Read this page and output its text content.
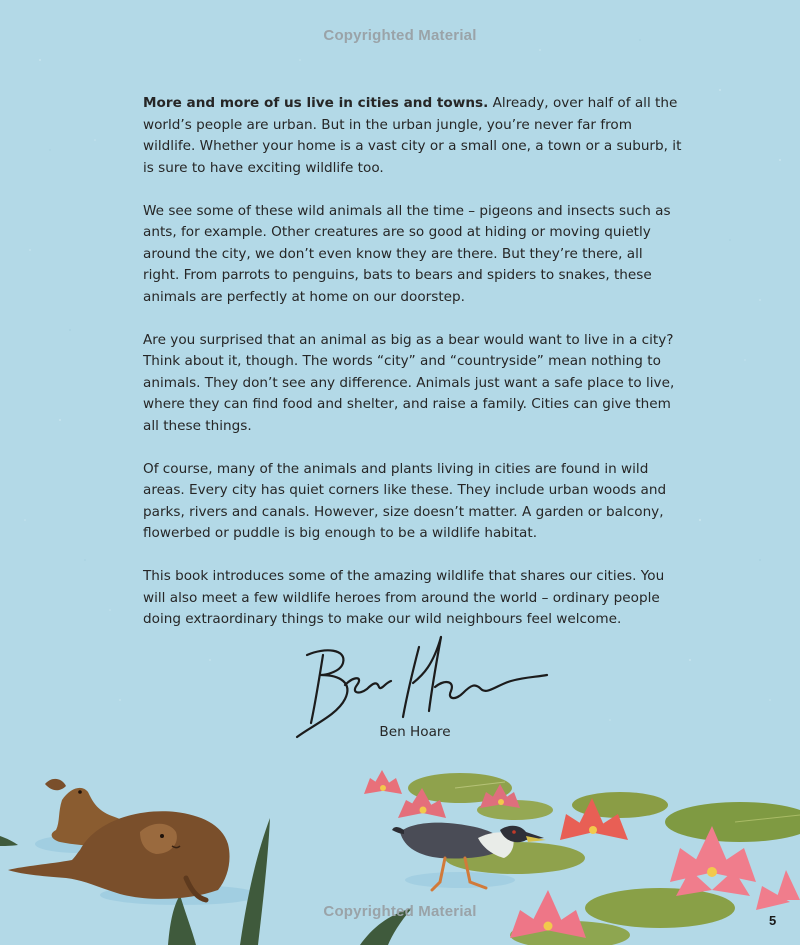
Copyrighted Material

More and more of us live in cities and towns. Already, over half of all the world’s people are urban. But in the urban jungle, you’re never far from wildlife. Whether your home is a vast city or a small one, a town or a suburb, it is sure to have exciting wildlife too.

We see some of these wild animals all the time – pigeons and insects such as ants, for example. Other creatures are so good at hiding or moving quietly around the city, we don’t even know they are there. But they’re there, all right. From parrots to penguins, bats to bears and spiders to snakes, these animals are perfectly at home on our doorstep.

Are you surprised that an animal as big as a bear would want to live in a city? Think about it, though. The words “city” and “countryside” mean nothing to animals. They don’t see any difference. Animals just want a safe place to live, where they can find food and shelter, and raise a family. Cities can give them all these things.

Of course, many of the animals and plants living in cities are found in wild areas. Every city has quiet corners like these. They include urban woods and parks, rivers and canals. However, size doesn’t matter. A garden or balcony, flowerbed or puddle is big enough to be a wildlife habitat.

This book introduces some of the amazing wildlife that shares our cities. You will also meet a few wildlife heroes from around the world – ordinary people doing extraordinary things to make our wild neighbours feel welcome.

Ben Hoare
Copyrighted Material
5
